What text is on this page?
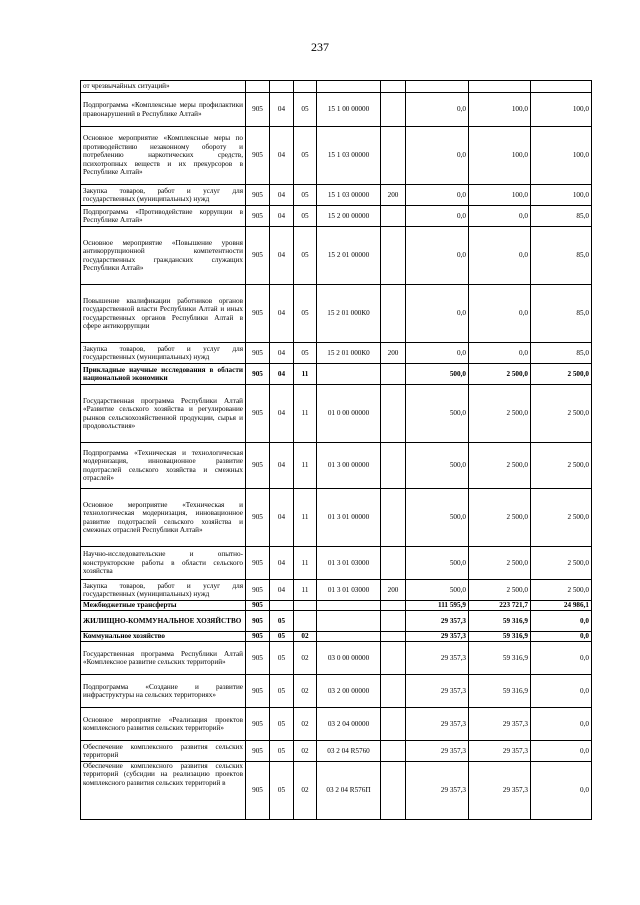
237
от чрезвычайных ситуаций»								
Подпрограмма «Комплексные меры профилактики правонарушений в Республике Алтай»	905	04	05	15 1 00 00000		0,0	100,0	100,0
Основное мероприятие «Комплексные меры по противодействию незаконному обороту и потреблению наркотических средств, психотропных веществ и их прекурсоров в Республике Алтай»	905	04	05	15 1 03 00000		0,0	100,0	100,0
Закупка товаров, работ и услуг для государственных (муниципальных) нужд	905	04	05	15 1 03 00000	200	0,0	100,0	100,0
Подпрограмма «Противодействие коррупции в Республике Алтай»	905	04	05	15 2 00 00000		0,0	0,0	85,0
Основное мероприятие «Повышение уровня антикоррупционной компетентности государственных гражданских служащих Республики Алтай»	905	04	05	15 2 01 00000		0,0	0,0	85,0
Повышение квалификации работников органов государственной власти Республики Алтай и иных государственных органов Республики Алтай в сфере антикоррупции	905	04	05	15 2 01 000К0		0,0	0,0	85,0
Закупка товаров, работ и услуг для государственных (муниципальных) нужд	905	04	05	15 2 01 000К0	200	0,0	0,0	85,0
Прикладные научные исследования в области национальной экономики	905	04	11			500,0	2 500,0	2 500,0
Государственная программа Республики Алтай «Развитие сельского хозяйства и регулирование рынков сельскохозяйственной продукции, сырья и продовольствия»	905	04	11	01 0 00 00000		500,0	2 500,0	2 500,0
Подпрограмма «Техническая и технологическая модернизация, инновационное развитие подотраслей сельского хозяйства и смежных отраслей»	905	04	11	01 3 00 00000		500,0	2 500,0	2 500,0
Основное мероприятие «Техническая и технологическая модернизация, инновационное развитие подотраслей сельского хозяйства и смежных отраслей Республики Алтай»	905	04	11	01 3 01 00000		500,0	2 500,0	2 500,0
Научно-исследовательские и опытно-конструкторские работы в области сельского хозяйства	905	04	11	01 3 01 03000		500,0	2 500,0	2 500,0
Закупка товаров, работ и услуг для государственных (муниципальных) нужд	905	04	11	01 3 01 03000	200	500,0	2 500,0	2 500,0
Межбюджетные трансферты	905					111 595,9	223 721,7	24 986,1
ЖИЛИЩНО-КОММУНАЛЬНОЕ ХОЗЯЙСТВО	905	05				29 357,3	59 316,9	0,0
Коммунальное хозяйство	905	05	02			29 357,3	59 316,9	0,0
Государственная программа Республики Алтай «Комплексное развитие сельских территорий»	905	05	02	03 0 00 00000		29 357,3	59 316,9	0,0
Подпрограмма «Создание и развитие инфраструктуры на сельских территориях»	905	05	02	03 2 00 00000		29 357,3	59 316,9	0,0
Основное мероприятие «Реализация проектов комплексного развития сельских территорий»	905	05	02	03 2 04 00000		29 357,3	29 357,3	0,0
Обеспечение комплексного развития сельских территорий	905	05	02	03 2 04 R5760		29 357,3	29 357,3	0,0
Обеспечение комплексного развития сельских территорий (субсидии на реализацию проектов комплексного развития сельских территорий в	905	05	02	03 2 04 R576П		29 357,3	29 357,3	0,0
